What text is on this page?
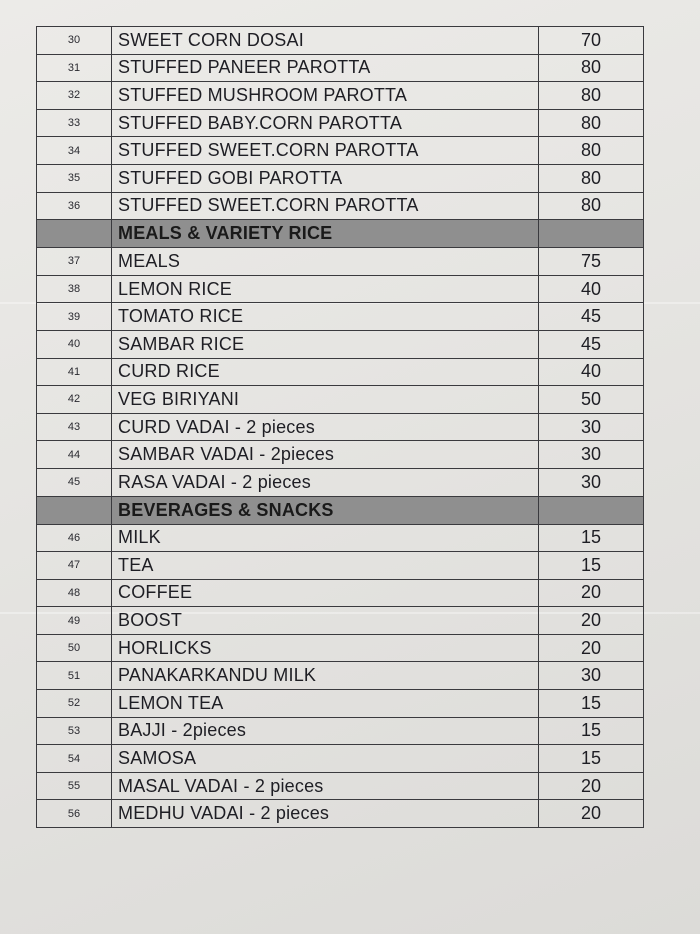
30	SWEET CORN DOSAI	70
31	STUFFED PANEER PAROTTA	80
32	STUFFED MUSHROOM PAROTTA	80
33	STUFFED BABY.CORN PAROTTA	80
34	STUFFED SWEET.CORN PAROTTA	80
35	STUFFED GOBI PAROTTA	80
36	STUFFED SWEET.CORN PAROTTA	80
	MEALS & VARIETY RICE	
37	MEALS	75
38	LEMON RICE	40
39	TOMATO RICE	45
40	SAMBAR RICE	45
41	CURD RICE	40
42	VEG BIRIYANI	50
43	CURD VADAI - 2 pieces	30
44	SAMBAR VADAI - 2pieces	30
45	RASA VADAI - 2 pieces	30
	BEVERAGES & SNACKS	
46	MILK	15
47	TEA	15
48	COFFEE	20
49	BOOST	20
50	HORLICKS	20
51	PANAKARKANDU MILK	30
52	LEMON TEA	15
53	BAJJI - 2pieces	15
54	SAMOSA	15
55	MASAL VADAI - 2 pieces	20
56	MEDHU VADAI - 2 pieces	20
